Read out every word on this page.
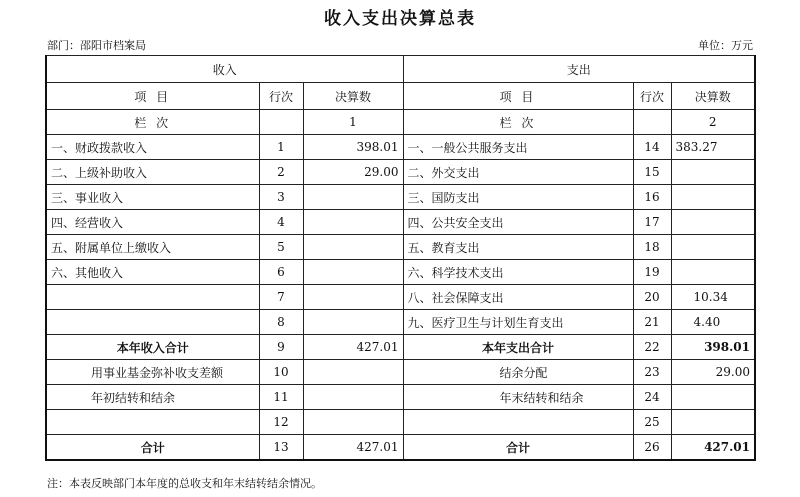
收入支出决算总表
部门：邵阳市档案局	单位：万元
收入			支出		
项 目	行次	决算数	项 目	行次	决算数
栏 次		1	栏 次		2
一、财政拨款收入	1	398.01	一、一般公共服务支出	14	383.27
二、上级补助收入	2	29.00	二、外交支出	15	
三、事业收入	3		三、国防支出	16	
四、经营收入	4		四、公共安全支出	17	
五、附属单位上缴收入	5		五、教育支出	18	
六、其他收入	6		六、科学技术支出	19	
	7		八、社会保障支出	20	10.34
	8		九、医疗卫生与计划生育支出	21	4.40
本年收入合计	9	427.01	本年支出合计	22	398.01
用事业基金弥补收支差额	10		结余分配	23	29.00
年初结转和结余	11		年末结转和结余	24	
	12			25	
合计	13	427.01	合计	26	427.01
注：本表反映部门本年度的总收支和年末结转结余情况。
